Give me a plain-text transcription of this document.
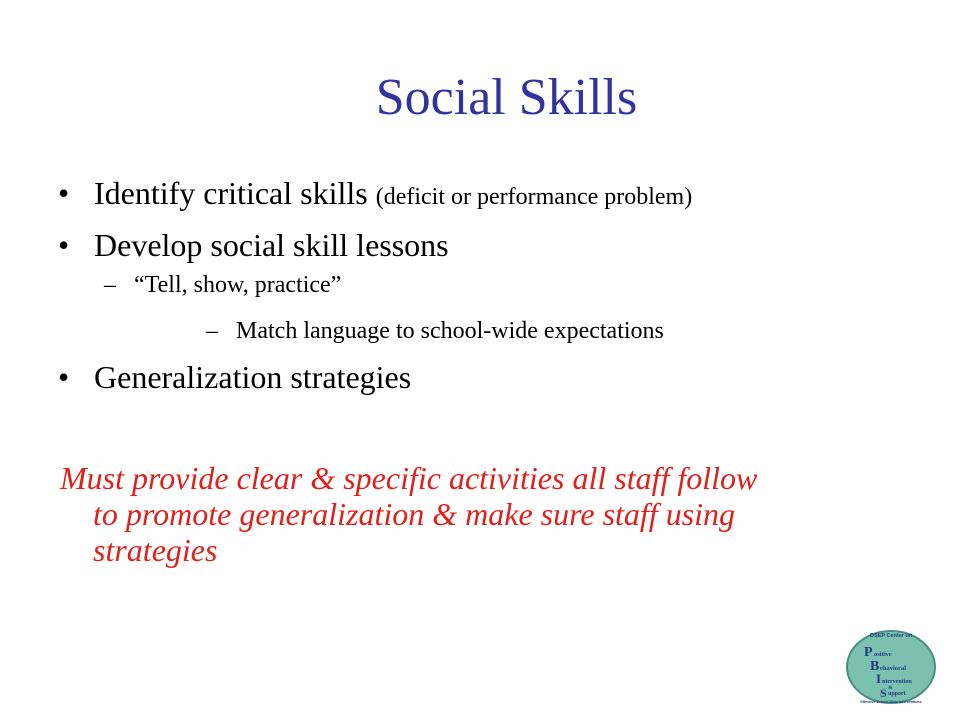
Social Skills
• Identify critical skills (deficit or performance problem)
• Develop social skill lessons
– “Tell, show, practice”
– Match language to school-wide expectations
• Generalization strategies
Must provide clear & specific activities all staff follow
to promote generalization & make sure staff using
strategies
OSEP Center on
P ositive
B ehavioral
I ntervention
&
S upport
Effective School-Wide Interventions
